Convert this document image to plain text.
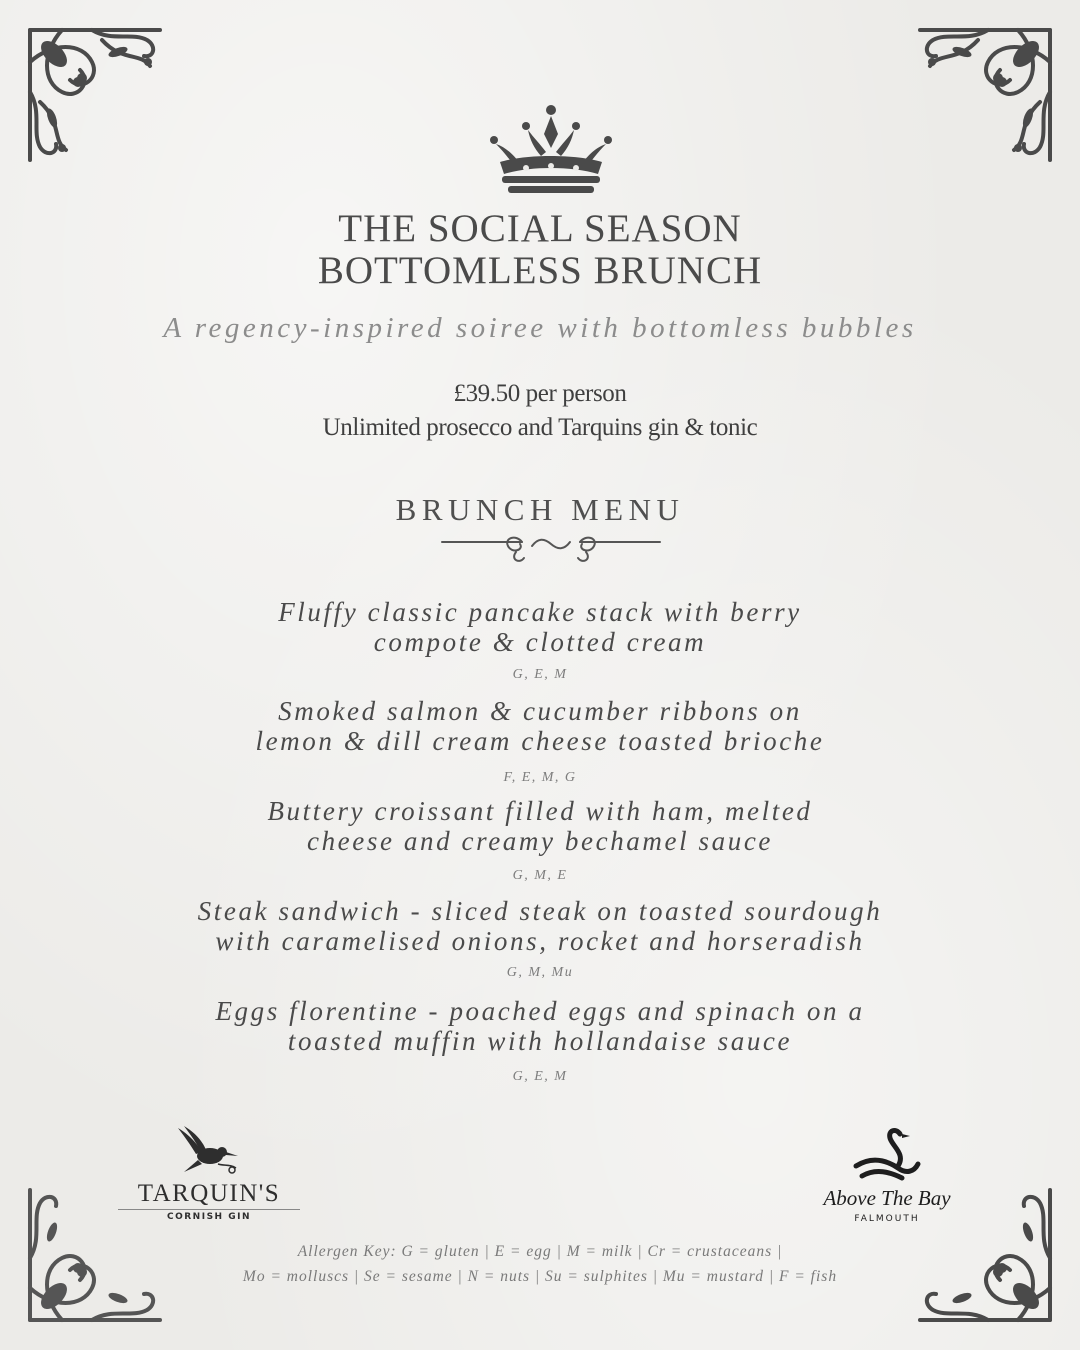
THE SOCIAL SEASON
BOTTOMLESS BRUNCH
A regency-inspired soiree with bottomless bubbles
£39.50 per person
Unlimited prosecco and Tarquins gin & tonic
BRUNCH MENU
Fluffy classic pancake stack with berry
compote & clotted cream
G, E, M
Smoked salmon & cucumber ribbons on
lemon & dill cream cheese toasted brioche
F, E, M, G
Buttery croissant filled with ham, melted
cheese and creamy bechamel sauce
G, M, E
Steak sandwich - sliced steak on toasted sourdough
with caramelised onions, rocket and horseradish
G, M, Mu
Eggs florentine - poached eggs and spinach on a
toasted muffin with hollandaise sauce
G, E, M
TARQUIN'S
CORNISH GIN
Above The Bay
FALMOUTH
Allergen Key: G = gluten | E = egg | M = milk | Cr = crustaceans |
Mo = molluscs | Se = sesame | N = nuts | Su = sulphites | Mu = mustard | F = fish
